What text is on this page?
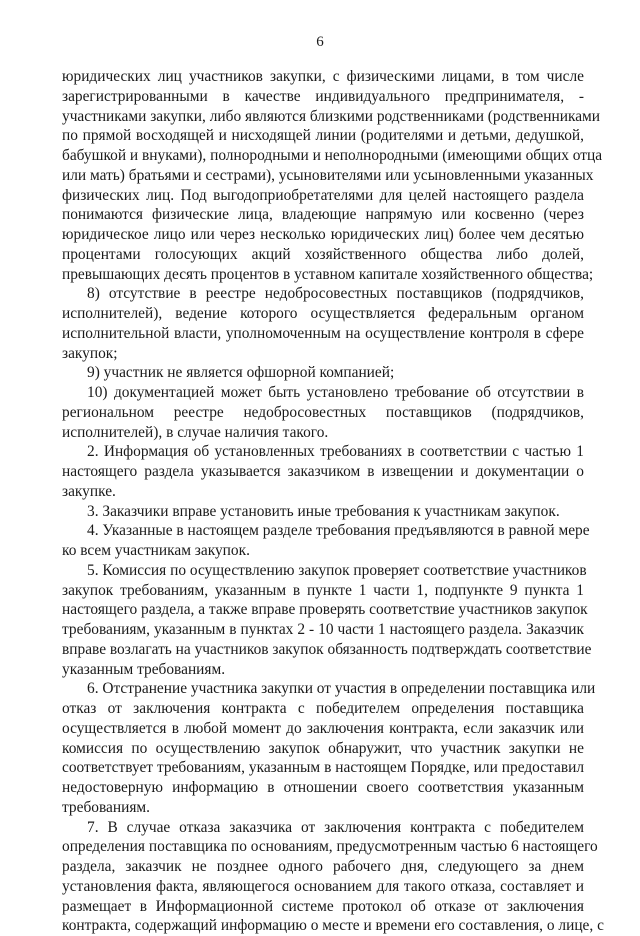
6
юридических лиц участников закупки, с физическими лицами, в том числе
зарегистрированными в качестве индивидуального предпринимателя, -
участниками закупки, либо являются близкими родственниками (родственниками
по прямой восходящей и нисходящей линии (родителями и детьми, дедушкой,
бабушкой и внуками), полнородными и неполнородными (имеющими общих отца
или мать) братьями и сестрами), усыновителями или усыновленными указанных
физических лиц. Под выгодоприобретателями для целей настоящего раздела
понимаются физические лица, владеющие напрямую или косвенно (через
юридическое лицо или через несколько юридических лиц) более чем десятью
процентами голосующих акций хозяйственного общества либо долей,
превышающих десять процентов в уставном капитале хозяйственного общества;
8) отсутствие в реестре недобросовестных поставщиков (подрядчиков,
исполнителей), ведение которого осуществляется федеральным органом
исполнительной власти, уполномоченным на осуществление контроля в сфере
закупок;
9) участник не является офшорной компанией;
10) документацией может быть установлено требование об отсутствии в
региональном реестре недобросовестных поставщиков (подрядчиков,
исполнителей), в случае наличия такого.
2. Информация об установленных требованиях в соответствии с частью 1
настоящего раздела указывается заказчиком в извещении и документации о
закупке.
3. Заказчики вправе установить иные требования к участникам закупок.
4. Указанные в настоящем разделе требования предъявляются в равной мере
ко всем участникам закупок.
5. Комиссия по осуществлению закупок проверяет соответствие участников
закупок требованиям, указанным в пункте 1 части 1, подпункте 9 пункта 1
настоящего раздела, а также вправе проверять соответствие участников закупок
требованиям, указанным в пунктах 2 - 10 части 1 настоящего раздела. Заказчик
вправе возлагать на участников закупок обязанность подтверждать соответствие
указанным требованиям.
6. Отстранение участника закупки от участия в определении поставщика или
отказ от заключения контракта с победителем определения поставщика
осуществляется в любой момент до заключения контракта, если заказчик или
комиссия по осуществлению закупок обнаружит, что участник закупки не
соответствует требованиям, указанным в настоящем Порядке, или предоставил
недостоверную информацию в отношении своего соответствия указанным
требованиям.
7. В случае отказа заказчика от заключения контракта с победителем
определения поставщика по основаниям, предусмотренным частью 6 настоящего
раздела, заказчик не позднее одного рабочего дня, следующего за днем
установления факта, являющегося основанием для такого отказа, составляет и
размещает в Информационной системе протокол об отказе от заключения
контракта, содержащий информацию о месте и времени его составления, о лице, с
